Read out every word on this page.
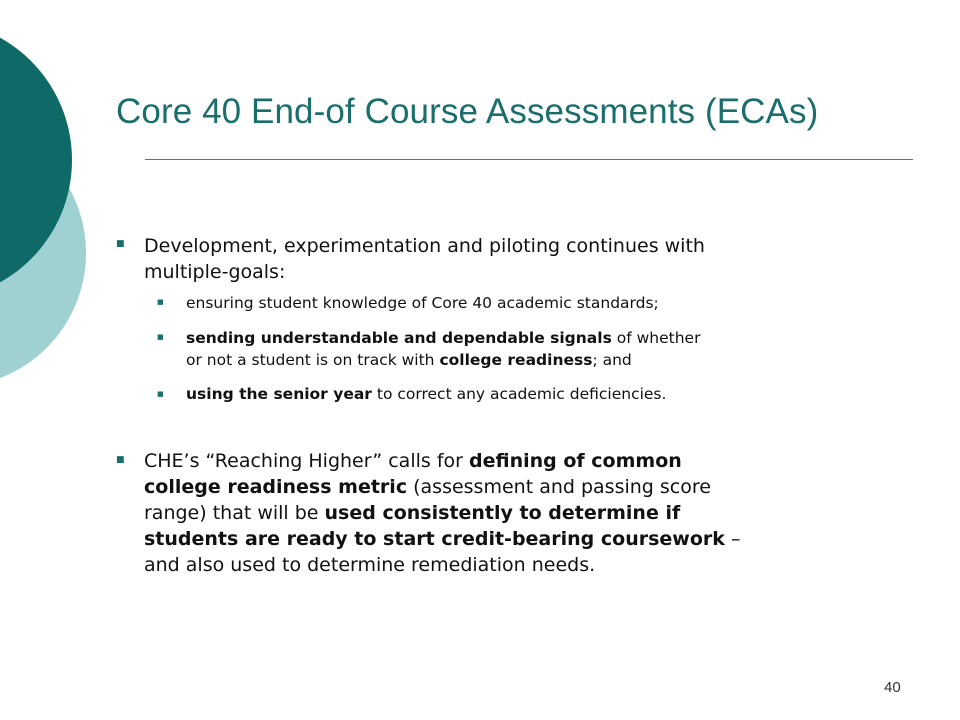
Core 40 End-of Course Assessments (ECAs)
■ Development, experimentation and piloting continues with
multiple-goals:
■ ensuring student knowledge of Core 40 academic standards;
■ sending understandable and dependable signals of whether
or not a student is on track with college readiness; and
■ using the senior year to correct any academic deficiencies.
■ CHE’s “Reaching Higher” calls for defining of common
college readiness metric (assessment and passing score
range) that will be used consistently to determine if
students are ready to start credit-bearing coursework –
and also used to determine remediation needs.
40
